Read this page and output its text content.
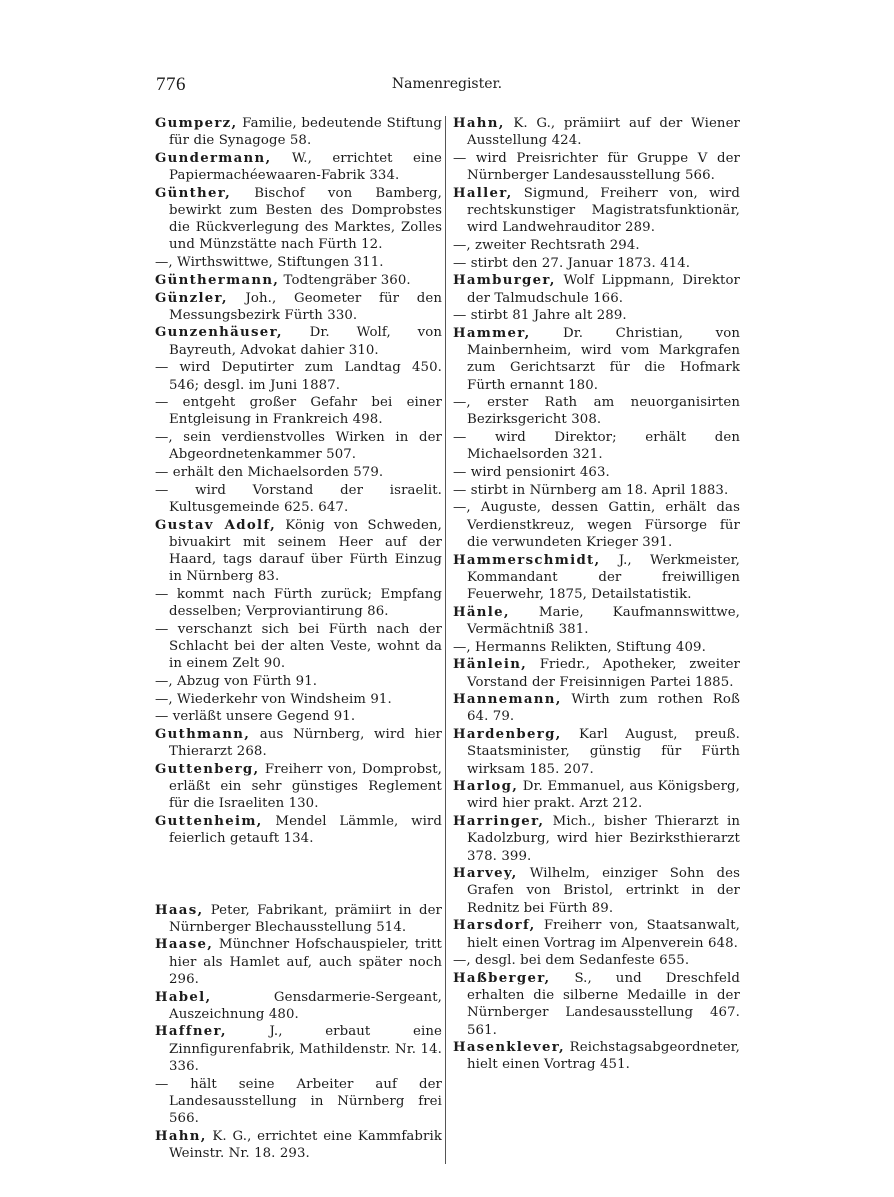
776	Namenregister.

Gumperz, Familie, bedeutende Stiftung für die Synagoge 58.

Gundermann, W., errichtet eine Papiermachéewaaren-Fabrik 334.

Günther, Bischof von Bamberg, bewirkt zum Besten des Domprobstes die Rückverlegung des Marktes, Zolles und Münzstätte nach Fürth 12.

—, Wirthswittwe, Stiftungen 311.

Günthermann, Todtengräber 360.

Günzler, Joh., Geometer für den Messungsbezirk Fürth 330.

Gunzenhäuser, Dr. Wolf, von Bayreuth, Advokat dahier 310.

— wird Deputirter zum Landtag 450. 546; desgl. im Juni 1887.

— entgeht großer Gefahr bei einer Entgleisung in Frankreich 498.

—, sein verdienstvolles Wirken in der Abgeordnetenkammer 507.

— erhält den Michaelsorden 579.

— wird Vorstand der israelit. Kultusgemeinde 625. 647.

Gustav Adolf, König von Schweden, bivuakirt mit seinem Heer auf der Haard, tags darauf über Fürth Einzug in Nürnberg 83.

— kommt nach Fürth zurück; Empfang desselben; Verproviantirung 86.

— verschanzt sich bei Fürth nach der Schlacht bei der alten Veste, wohnt da in einem Zelt 90.

—, Abzug von Fürth 91.

—, Wiederkehr von Windsheim 91.

— verläßt unsere Gegend 91.

Guthmann, aus Nürnberg, wird hier Thierarzt 268.

Guttenberg, Freiherr von, Domprobst, erläßt ein sehr günstiges Reglement für die Israeliten 130.

Guttenheim, Mendel Lämmle, wird feierlich getauft 134.

Haas, Peter, Fabrikant, prämiirt in der Nürnberger Blechausstellung 514.

Haase, Münchner Hofschauspieler, tritt hier als Hamlet auf, auch später noch 296.

Habel, Gensdarmerie-Sergeant, Auszeichnung 480.

Haffner, J., erbaut eine Zinnfigurenfabrik, Mathildenstr. Nr. 14. 336.

— hält seine Arbeiter auf der Landesausstellung in Nürnberg frei 566.

Hahn, K. G., errichtet eine Kammfabrik Weinstr. Nr. 18. 293.

Hahn, K. G., prämiirt auf der Wiener Ausstellung 424.

— wird Preisrichter für Gruppe V der Nürnberger Landesausstellung 566.

Haller, Sigmund, Freiherr von, wird rechtskunstiger Magistratsfunktionär, wird Landwehrauditor 289.

—, zweiter Rechtsrath 294.

— stirbt den 27. Januar 1873. 414.

Hamburger, Wolf Lippmann, Direktor der Talmudschule 166.

— stirbt 81 Jahre alt 289.

Hammer, Dr. Christian, von Mainbernheim, wird vom Markgrafen zum Gerichtsarzt für die Hofmark Fürth ernannt 180.

—, erster Rath am neuorganisirten Bezirksgericht 308.

— wird Direktor; erhält den Michaelsorden 321.

— wird pensionirt 463.

— stirbt in Nürnberg am 18. April 1883.

—, Auguste, dessen Gattin, erhält das Verdienstkreuz, wegen Fürsorge für die verwundeten Krieger 391.

Hammerschmidt, J., Werkmeister, Kommandant der freiwilligen Feuerwehr, 1875, Detailstatistik.

Hänle, Marie, Kaufmannswittwe, Vermächtniß 381.

—, Hermanns Relikten, Stiftung 409.

Hänlein, Friedr., Apotheker, zweiter Vorstand der Freisinnigen Partei 1885.

Hannemann, Wirth zum rothen Roß 64. 79.

Hardenberg, Karl August, preuß. Staatsminister, günstig für Fürth wirksam 185. 207.

Harlog, Dr. Emmanuel, aus Königsberg, wird hier prakt. Arzt 212.

Harringer, Mich., bisher Thierarzt in Kadolzburg, wird hier Bezirksthierarzt 378. 399.

Harvey, Wilhelm, einziger Sohn des Grafen von Bristol, ertrinkt in der Rednitz bei Fürth 89.

Harsdorf, Freiherr von, Staatsanwalt, hielt einen Vortrag im Alpenverein 648.

—, desgl. bei dem Sedanfeste 655.

Haßberger, S., und Dreschfeld erhalten die silberne Medaille in der Nürnberger Landesausstellung 467. 561.

Hasenklever, Reichstagsabgeordneter, hielt einen Vortrag 451.
